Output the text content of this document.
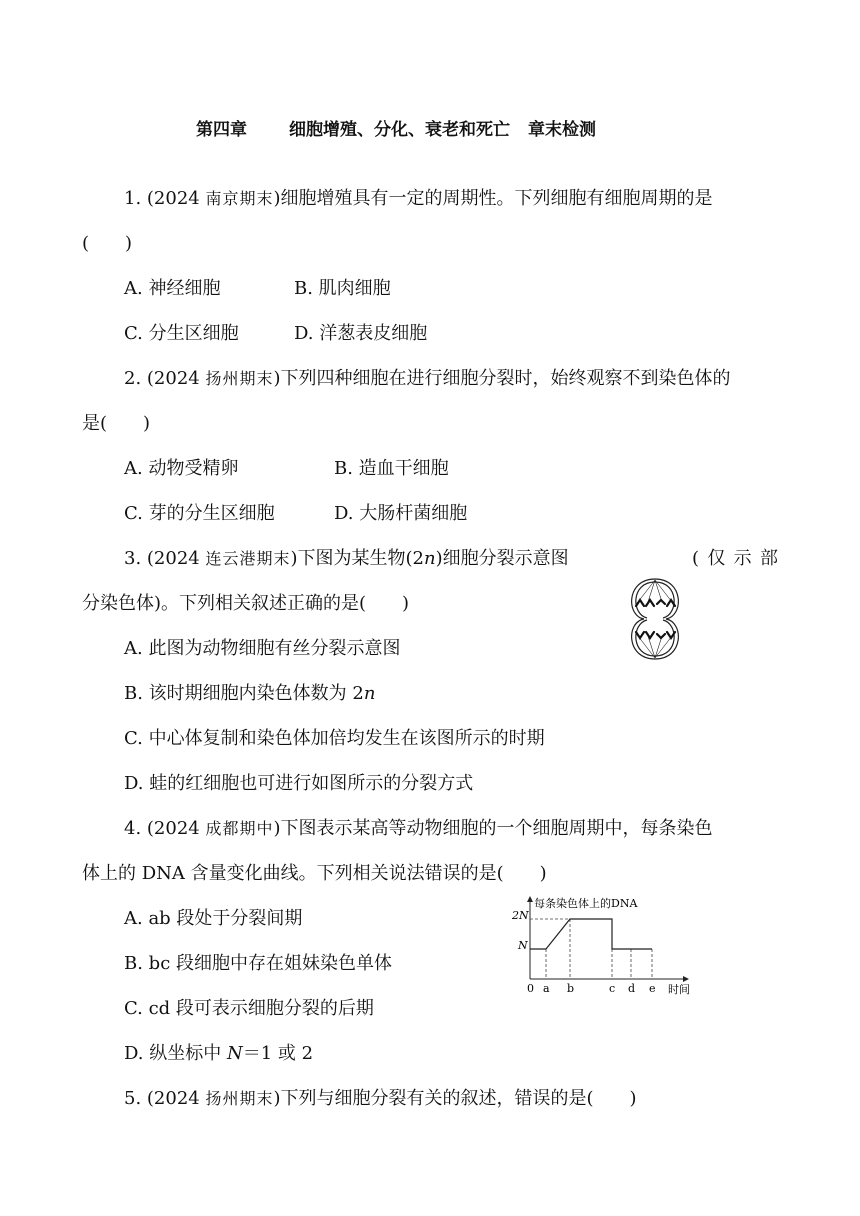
第四章 细胞增殖、分化、衰老和死亡 章末检测
1. (2024 南京期末)细胞增殖具有一定的周期性。下列细胞有细胞周期的是
(　　)
A. 神经细胞	B. 肌肉细胞
C. 分生区细胞	D. 洋葱表皮细胞
2. (2024 扬州期末)下列四种细胞在进行细胞分裂时，始终观察不到染色体的
是(　　)
A. 动物受精卵	B. 造血干细胞
C. 芽的分生区细胞	D. 大肠杆菌细胞
3. (2024 连云港期末)下图为某生物(2n)细胞分裂示意图	( 仅 示 部
分染色体)。下列相关叙述正确的是(　　)
A. 此图为动物细胞有丝分裂示意图
B. 该时期细胞内染色体数为 2n
C. 中心体复制和染色体加倍均发生在该图所示的时期
D. 蛙的红细胞也可进行如图所示的分裂方式
4. (2024 成都期中)下图表示某高等动物细胞的一个细胞周期中，每条染色
体上的 DNA 含量变化曲线。下列相关说法错误的是(　　)
A. ab 段处于分裂间期
B. bc 段细胞中存在姐妹染色单体
C. cd 段可表示细胞分裂的后期
D. 纵坐标中 N＝1 或 2
每条染色体上的DNA
时间
2N
N
0 a b	c d e
5. (2024 扬州期末)下列与细胞分裂有关的叙述，错误的是(　　)
